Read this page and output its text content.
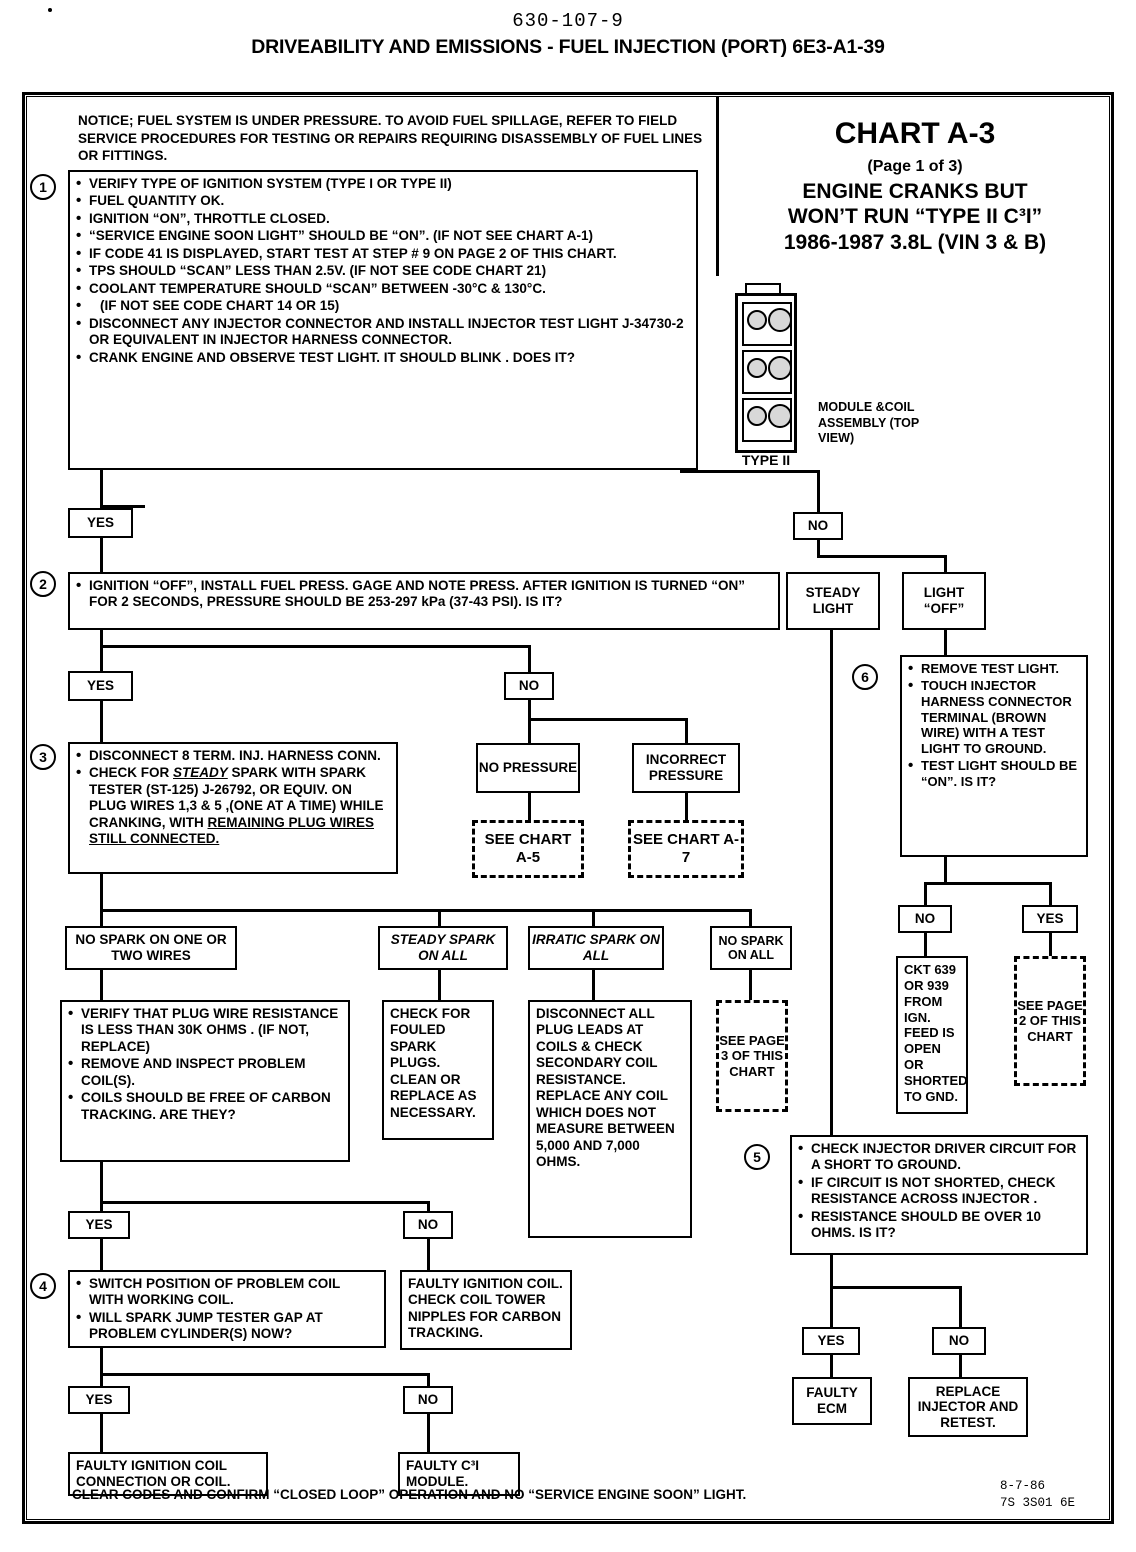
630-107-9
DRIVEABILITY AND EMISSIONS - FUEL INJECTION (PORT) 6E3-A1-39
NOTICE; FUEL SYSTEM IS UNDER PRESSURE. TO AVOID FUEL SPILLAGE, REFER TO FIELD SERVICE PROCEDURES FOR TESTING OR REPAIRS REQUIRING DISASSEMBLY OF FUEL LINES OR FITTINGS.
CHART A-3
(Page 1 of 3)
ENGINE CRANKS BUT
WON’T RUN “TYPE II C³I”
1986-1987 3.8L (VIN 3 & B)
MODULE &COIL ASSEMBLY (TOP VIEW)
TYPE II
1	• VERIFY TYPE OF IGNITION SYSTEM (TYPE I OR TYPE II)
• FUEL QUANTITY OK.
• IGNITION “ON”, THROTTLE CLOSED.
• “SERVICE ENGINE SOON LIGHT” SHOULD BE “ON”. (IF NOT SEE CHART A-1)
• IF CODE 41 IS DISPLAYED, START TEST AT STEP # 9 ON PAGE 2 OF THIS CHART.
• TPS SHOULD “SCAN” LESS THAN 2.5V. (IF NOT SEE CODE CHART 21)
• COOLANT TEMPERATURE SHOULD “SCAN” BETWEEN -30°C & 130°C.
• (IF NOT SEE CODE CHART 14 OR 15)
• DISCONNECT ANY INJECTOR CONNECTOR AND INSTALL INJECTOR TEST LIGHT J-34730-2 OR EQUIVALENT IN INJECTOR HARNESS CONNECTOR.
• CRANK ENGINE AND OBSERVE TEST LIGHT. IT SHOULD BLINK . DOES IT?
YES	NO
STEADY LIGHT
LIGHT “OFF”
2	• IGNITION “OFF”, INSTALL FUEL PRESS. GAGE AND NOTE PRESS. AFTER IGNITION IS TURNED “ON” FOR 2 SECONDS, PRESSURE SHOULD BE 253-297 kPa (37-43 PSI). IS IT?
YES	NO
NO PRESSURE
INCORRECT PRESSURE
SEE CHART A-5
SEE CHART A-7
3	• DISCONNECT 8 TERM. INJ. HARNESS CONN.
• CHECK FOR STEADY SPARK WITH SPARK TESTER (ST-125) J-26792, OR EQUIV. ON PLUG WIRES 1,3 & 5 ,(ONE AT A TIME) WHILE CRANKING, WITH REMAINING PLUG WIRES STILL CONNECTED.
NO SPARK ON ONE OR TWO WIRES
STEADY SPARK ON ALL
IRRATIC SPARK ON ALL
NO SPARK ON ALL
• VERIFY THAT PLUG WIRE RESISTANCE IS LESS THAN 30K OHMS . (IF NOT, REPLACE)
• REMOVE AND INSPECT PROBLEM COIL(S).
• COILS SHOULD BE FREE OF CARBON TRACKING. ARE THEY?
CHECK FOR FOULED SPARK PLUGS. CLEAN OR REPLACE AS NECESSARY.
DISCONNECT ALL PLUG LEADS AT COILS & CHECK SECONDARY COIL RESISTANCE. REPLACE ANY COIL WHICH DOES NOT MEASURE BETWEEN 5,000 AND 7,000 OHMS.
SEE PAGE 3 OF THIS CHART
YES	NO
4	• SWITCH POSITION OF PROBLEM COIL WITH WORKING COIL.
• WILL SPARK JUMP TESTER GAP AT PROBLEM CYLINDER(S) NOW?
FAULTY IGNITION COIL. CHECK COIL TOWER NIPPLES FOR CARBON TRACKING.
YES	NO
FAULTY IGNITION COIL CONNECTION OR COIL.
FAULTY C³I MODULE.
6
• REMOVE TEST LIGHT.
• TOUCH INJECTOR HARNESS CONNECTOR TERMINAL (BROWN WIRE) WITH A TEST LIGHT TO GROUND.
• TEST LIGHT SHOULD BE “ON”. IS IT?
NO	YES
CKT 639 OR 939 FROM IGN. FEED IS OPEN OR SHORTED TO GND.
SEE PAGE 2 OF THIS CHART
5
• CHECK INJECTOR DRIVER CIRCUIT FOR A SHORT TO GROUND.
• IF CIRCUIT IS NOT SHORTED, CHECK RESISTANCE ACROSS INJECTOR .
• RESISTANCE SHOULD BE OVER 10 OHMS. IS IT?
YES	NO
FAULTY ECM
REPLACE INJECTOR AND RETEST.
CLEAR CODES AND CONFIRM “CLOSED LOOP” OPERATION AND NO “SERVICE ENGINE SOON” LIGHT.
8-7-86
7S 3S01 6E
